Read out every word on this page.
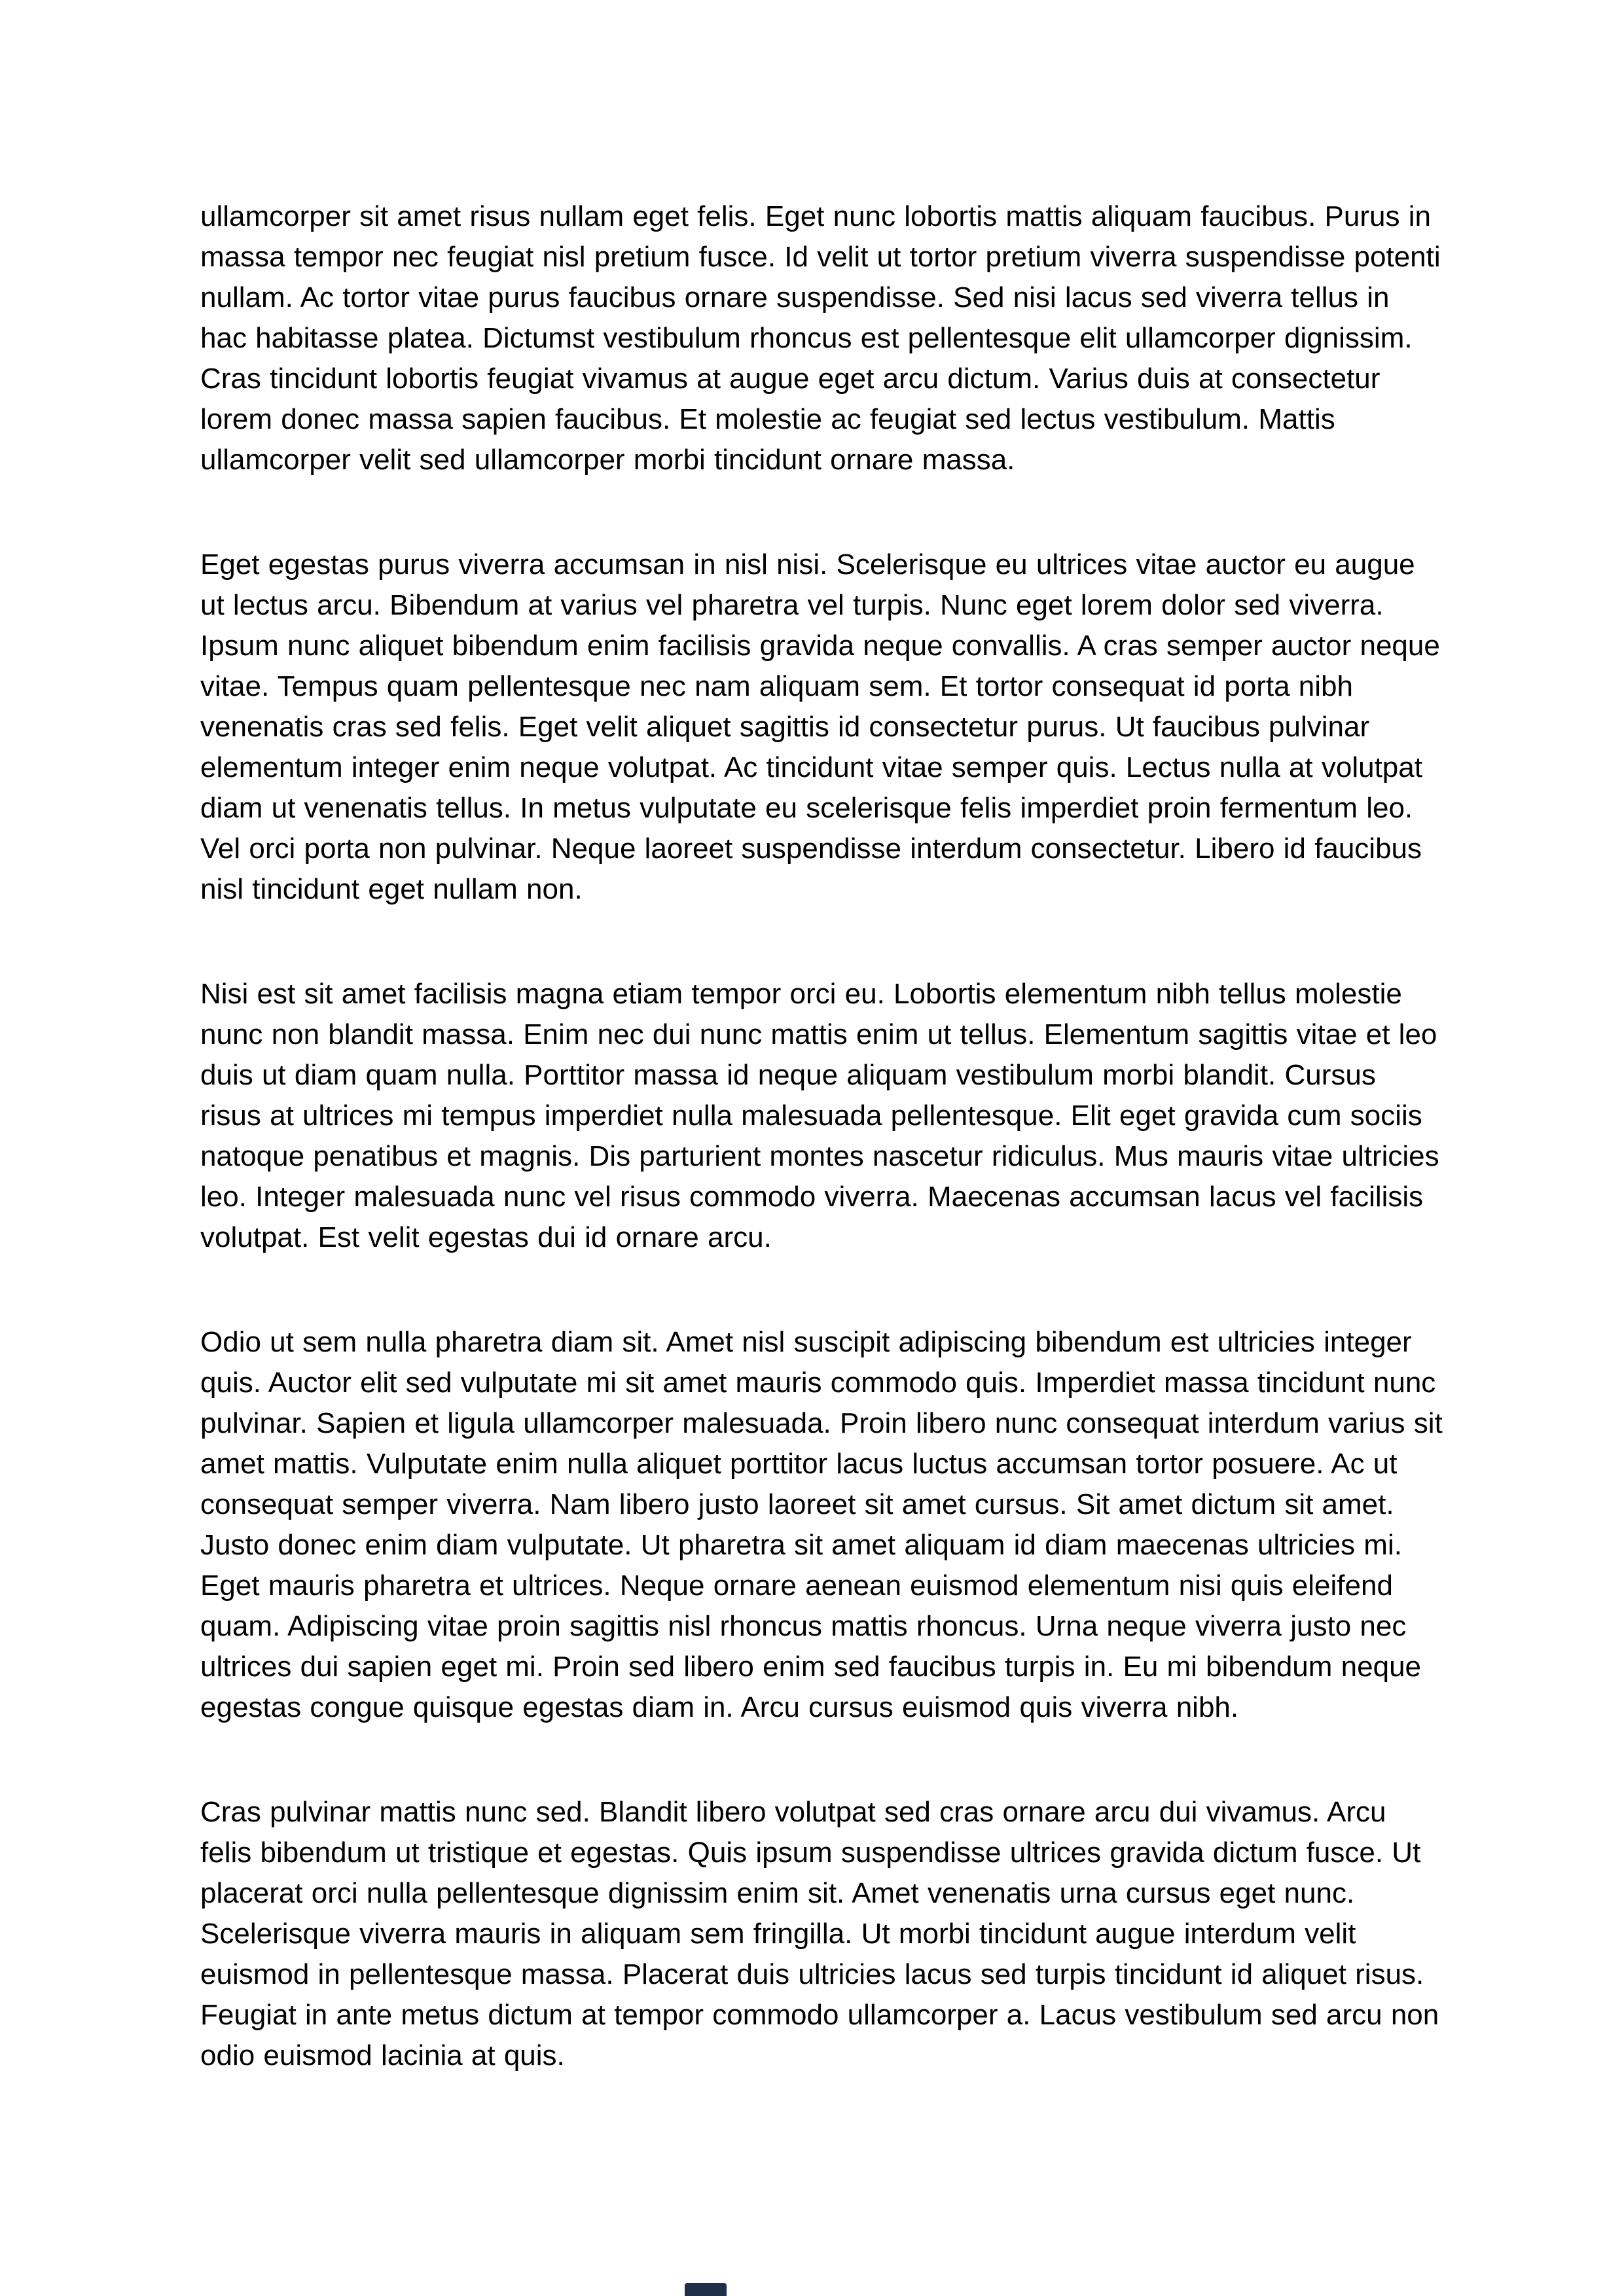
ullamcorper sit amet risus nullam eget felis. Eget nunc lobortis mattis aliquam faucibus. Purus in massa tempor nec feugiat nisl pretium fusce. Id velit ut tortor pretium viverra suspendisse potenti nullam. Ac tortor vitae purus faucibus ornare suspendisse. Sed nisi lacus sed viverra tellus in hac habitasse platea. Dictumst vestibulum rhoncus est pellentesque elit ullamcorper dignissim. Cras tincidunt lobortis feugiat vivamus at augue eget arcu dictum. Varius duis at consectetur lorem donec massa sapien faucibus. Et molestie ac feugiat sed lectus vestibulum. Mattis ullamcorper velit sed ullamcorper morbi tincidunt ornare massa.

Eget egestas purus viverra accumsan in nisl nisi. Scelerisque eu ultrices vitae auctor eu augue ut lectus arcu. Bibendum at varius vel pharetra vel turpis. Nunc eget lorem dolor sed viverra. Ipsum nunc aliquet bibendum enim facilisis gravida neque convallis. A cras semper auctor neque vitae. Tempus quam pellentesque nec nam aliquam sem. Et tortor consequat id porta nibh venenatis cras sed felis. Eget velit aliquet sagittis id consectetur purus. Ut faucibus pulvinar elementum integer enim neque volutpat. Ac tincidunt vitae semper quis. Lectus nulla at volutpat diam ut venenatis tellus. In metus vulputate eu scelerisque felis imperdiet proin fermentum leo. Vel orci porta non pulvinar. Neque laoreet suspendisse interdum consectetur. Libero id faucibus nisl tincidunt eget nullam non.

Nisi est sit amet facilisis magna etiam tempor orci eu. Lobortis elementum nibh tellus molestie nunc non blandit massa. Enim nec dui nunc mattis enim ut tellus. Elementum sagittis vitae et leo duis ut diam quam nulla. Porttitor massa id neque aliquam vestibulum morbi blandit. Cursus risus at ultrices mi tempus imperdiet nulla malesuada pellentesque. Elit eget gravida cum sociis natoque penatibus et magnis. Dis parturient montes nascetur ridiculus. Mus mauris vitae ultricies leo. Integer malesuada nunc vel risus commodo viverra. Maecenas accumsan lacus vel facilisis volutpat. Est velit egestas dui id ornare arcu.

Odio ut sem nulla pharetra diam sit. Amet nisl suscipit adipiscing bibendum est ultricies integer quis. Auctor elit sed vulputate mi sit amet mauris commodo quis. Imperdiet massa tincidunt nunc pulvinar. Sapien et ligula ullamcorper malesuada. Proin libero nunc consequat interdum varius sit amet mattis. Vulputate enim nulla aliquet porttitor lacus luctus accumsan tortor posuere. Ac ut consequat semper viverra. Nam libero justo laoreet sit amet cursus. Sit amet dictum sit amet. Justo donec enim diam vulputate. Ut pharetra sit amet aliquam id diam maecenas ultricies mi. Eget mauris pharetra et ultrices. Neque ornare aenean euismod elementum nisi quis eleifend quam. Adipiscing vitae proin sagittis nisl rhoncus mattis rhoncus. Urna neque viverra justo nec ultrices dui sapien eget mi. Proin sed libero enim sed faucibus turpis in. Eu mi bibendum neque egestas congue quisque egestas diam in. Arcu cursus euismod quis viverra nibh.

Cras pulvinar mattis nunc sed. Blandit libero volutpat sed cras ornare arcu dui vivamus. Arcu felis bibendum ut tristique et egestas. Quis ipsum suspendisse ultrices gravida dictum fusce. Ut placerat orci nulla pellentesque dignissim enim sit. Amet venenatis urna cursus eget nunc. Scelerisque viverra mauris in aliquam sem fringilla. Ut morbi tincidunt augue interdum velit euismod in pellentesque massa. Placerat duis ultricies lacus sed turpis tincidunt id aliquet risus. Feugiat in ante metus dictum at tempor commodo ullamcorper a. Lacus vestibulum sed arcu non odio euismod lacinia at quis.
